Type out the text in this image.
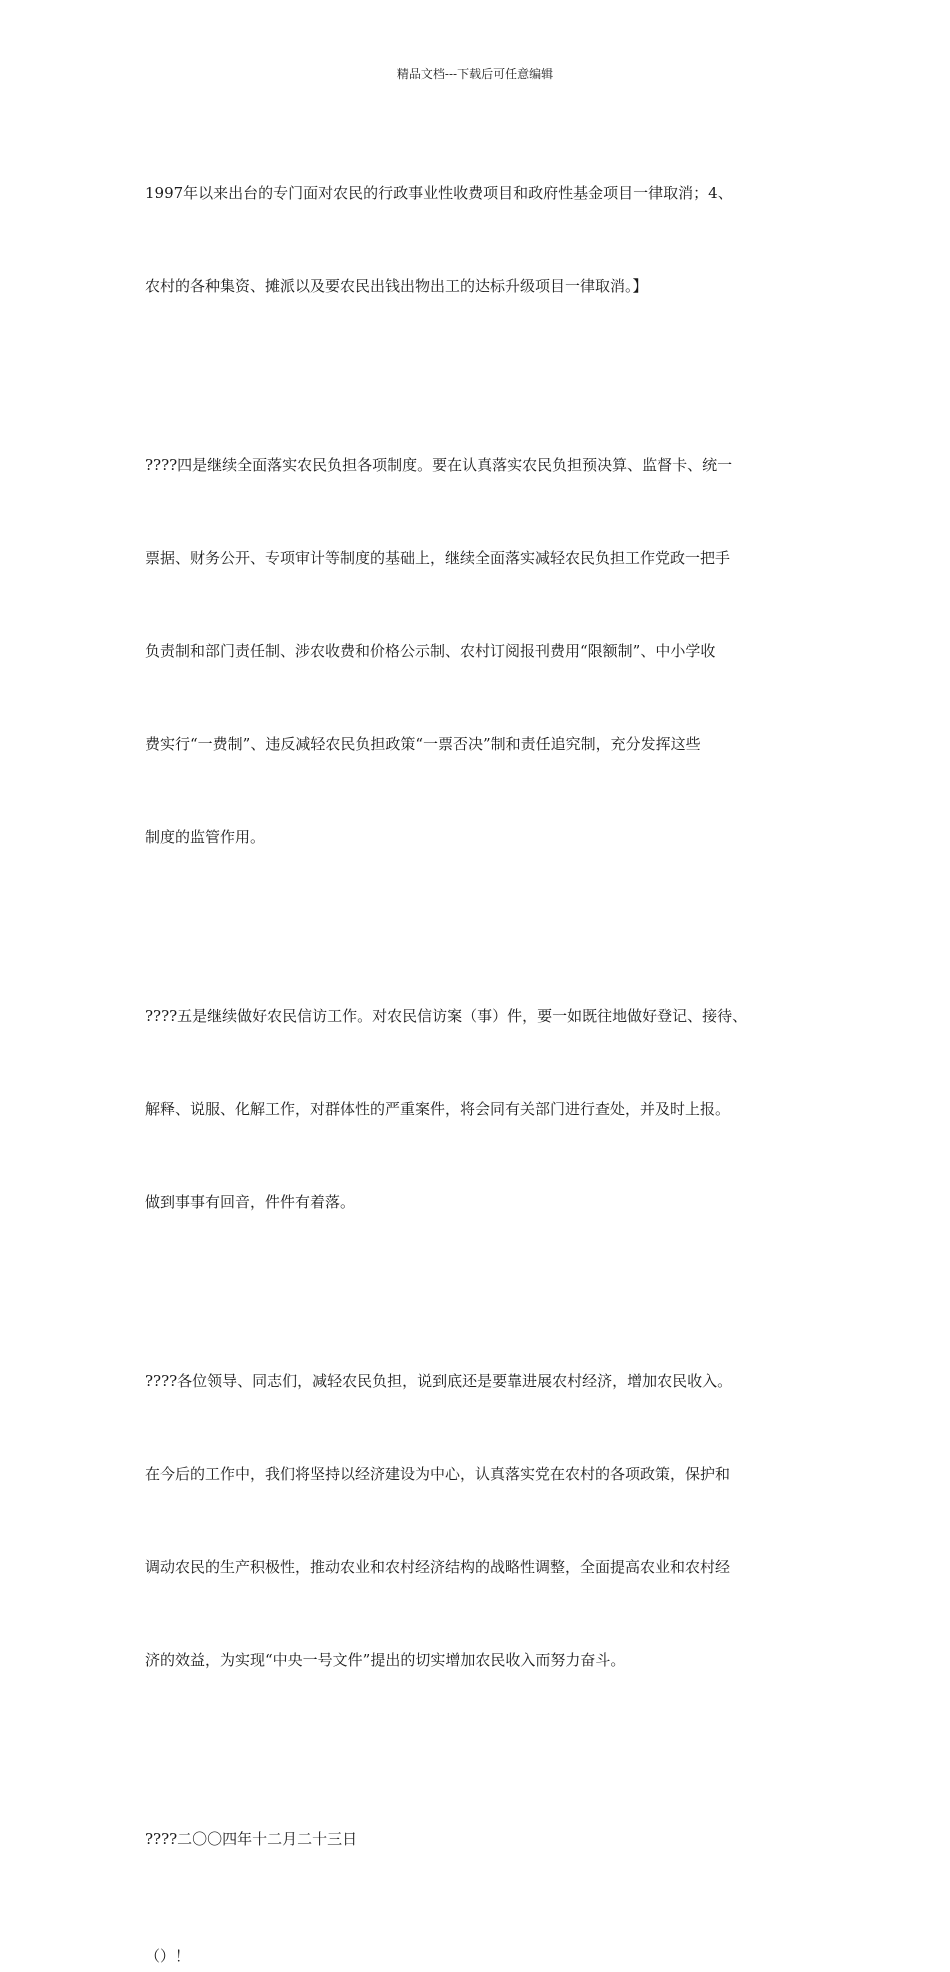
精品文档---下载后可任意编辑

1997年以来出台的专门面对农民的行政事业性收费项目和政府性基金项目一律取消；4、

农村的各种集资、摊派以及要农民出钱出物出工的达标升级项目一律取消。】

????四是继续全面落实农民负担各项制度。要在认真落实农民负担预决算、监督卡、统一

票据、财务公开、专项审计等制度的基础上，继续全面落实减轻农民负担工作党政一把手

负责制和部门责任制、涉农收费和价格公示制、农村订阅报刊费用“限额制”、中小学收

费实行“一费制”、违反减轻农民负担政策“一票否决”制和责任追究制，充分发挥这些

制度的监管作用。

????五是继续做好农民信访工作。对农民信访案（事）件，要一如既往地做好登记、接待、

解释、说服、化解工作，对群体性的严重案件，将会同有关部门进行查处，并及时上报。

做到事事有回音，件件有着落。

????各位领导、同志们，减轻农民负担，说到底还是要靠进展农村经济，增加农民收入。

在今后的工作中，我们将坚持以经济建设为中心，认真落实党在农村的各项政策，保护和

调动农民的生产积极性，推动农业和农村经济结构的战略性调整，全面提高农业和农村经

济的效益，为实现“中央一号文件”提出的切实增加农民收入而努力奋斗。

????二〇〇四年十二月二十三日

（）！
